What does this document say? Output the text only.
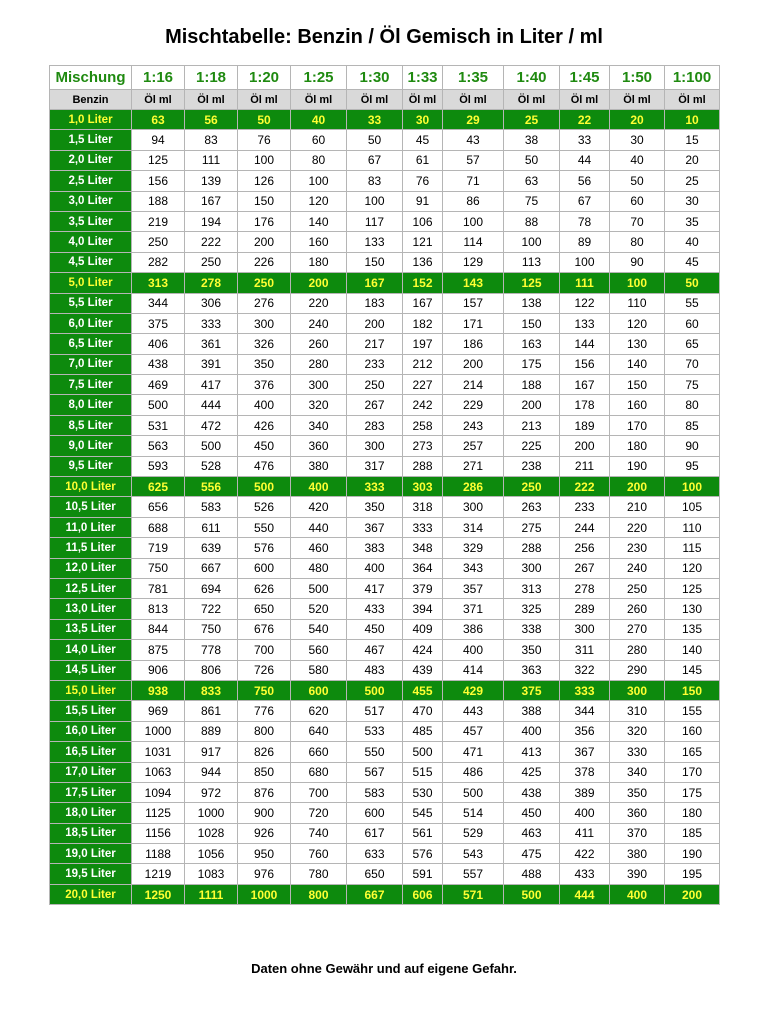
Mischtabelle: Benzin / Öl Gemisch in Liter / ml
Mischung	1:16	1:18	1:20	1:25	1:30	1:33	1:35	1:40	1:45	1:50	1:100
Benzin	Öl ml	Öl ml	Öl ml	Öl ml	Öl ml	Öl ml	Öl ml	Öl ml	Öl ml	Öl ml	Öl ml
1,0 Liter	63	56	50	40	33	30	29	25	22	20	10
1,5 Liter	94	83	76	60	50	45	43	38	33	30	15
2,0 Liter	125	111	100	80	67	61	57	50	44	40	20
2,5 Liter	156	139	126	100	83	76	71	63	56	50	25
3,0 Liter	188	167	150	120	100	91	86	75	67	60	30
3,5 Liter	219	194	176	140	117	106	100	88	78	70	35
4,0 Liter	250	222	200	160	133	121	114	100	89	80	40
4,5 Liter	282	250	226	180	150	136	129	113	100	90	45
5,0 Liter	313	278	250	200	167	152	143	125	111	100	50
5,5 Liter	344	306	276	220	183	167	157	138	122	110	55
6,0 Liter	375	333	300	240	200	182	171	150	133	120	60
6,5 Liter	406	361	326	260	217	197	186	163	144	130	65
7,0 Liter	438	391	350	280	233	212	200	175	156	140	70
7,5 Liter	469	417	376	300	250	227	214	188	167	150	75
8,0 Liter	500	444	400	320	267	242	229	200	178	160	80
8,5 Liter	531	472	426	340	283	258	243	213	189	170	85
9,0 Liter	563	500	450	360	300	273	257	225	200	180	90
9,5 Liter	593	528	476	380	317	288	271	238	211	190	95
10,0 Liter	625	556	500	400	333	303	286	250	222	200	100
10,5 Liter	656	583	526	420	350	318	300	263	233	210	105
11,0 Liter	688	611	550	440	367	333	314	275	244	220	110
11,5 Liter	719	639	576	460	383	348	329	288	256	230	115
12,0 Liter	750	667	600	480	400	364	343	300	267	240	120
12,5 Liter	781	694	626	500	417	379	357	313	278	250	125
13,0 Liter	813	722	650	520	433	394	371	325	289	260	130
13,5 Liter	844	750	676	540	450	409	386	338	300	270	135
14,0 Liter	875	778	700	560	467	424	400	350	311	280	140
14,5 Liter	906	806	726	580	483	439	414	363	322	290	145
15,0 Liter	938	833	750	600	500	455	429	375	333	300	150
15,5 Liter	969	861	776	620	517	470	443	388	344	310	155
16,0 Liter	1000	889	800	640	533	485	457	400	356	320	160
16,5 Liter	1031	917	826	660	550	500	471	413	367	330	165
17,0 Liter	1063	944	850	680	567	515	486	425	378	340	170
17,5 Liter	1094	972	876	700	583	530	500	438	389	350	175
18,0 Liter	1125	1000	900	720	600	545	514	450	400	360	180
18,5 Liter	1156	1028	926	740	617	561	529	463	411	370	185
19,0 Liter	1188	1056	950	760	633	576	543	475	422	380	190
19,5 Liter	1219	1083	976	780	650	591	557	488	433	390	195
20,0 Liter	1250	1111	1000	800	667	606	571	500	444	400	200
Daten ohne Gewähr und auf eigene Gefahr.
